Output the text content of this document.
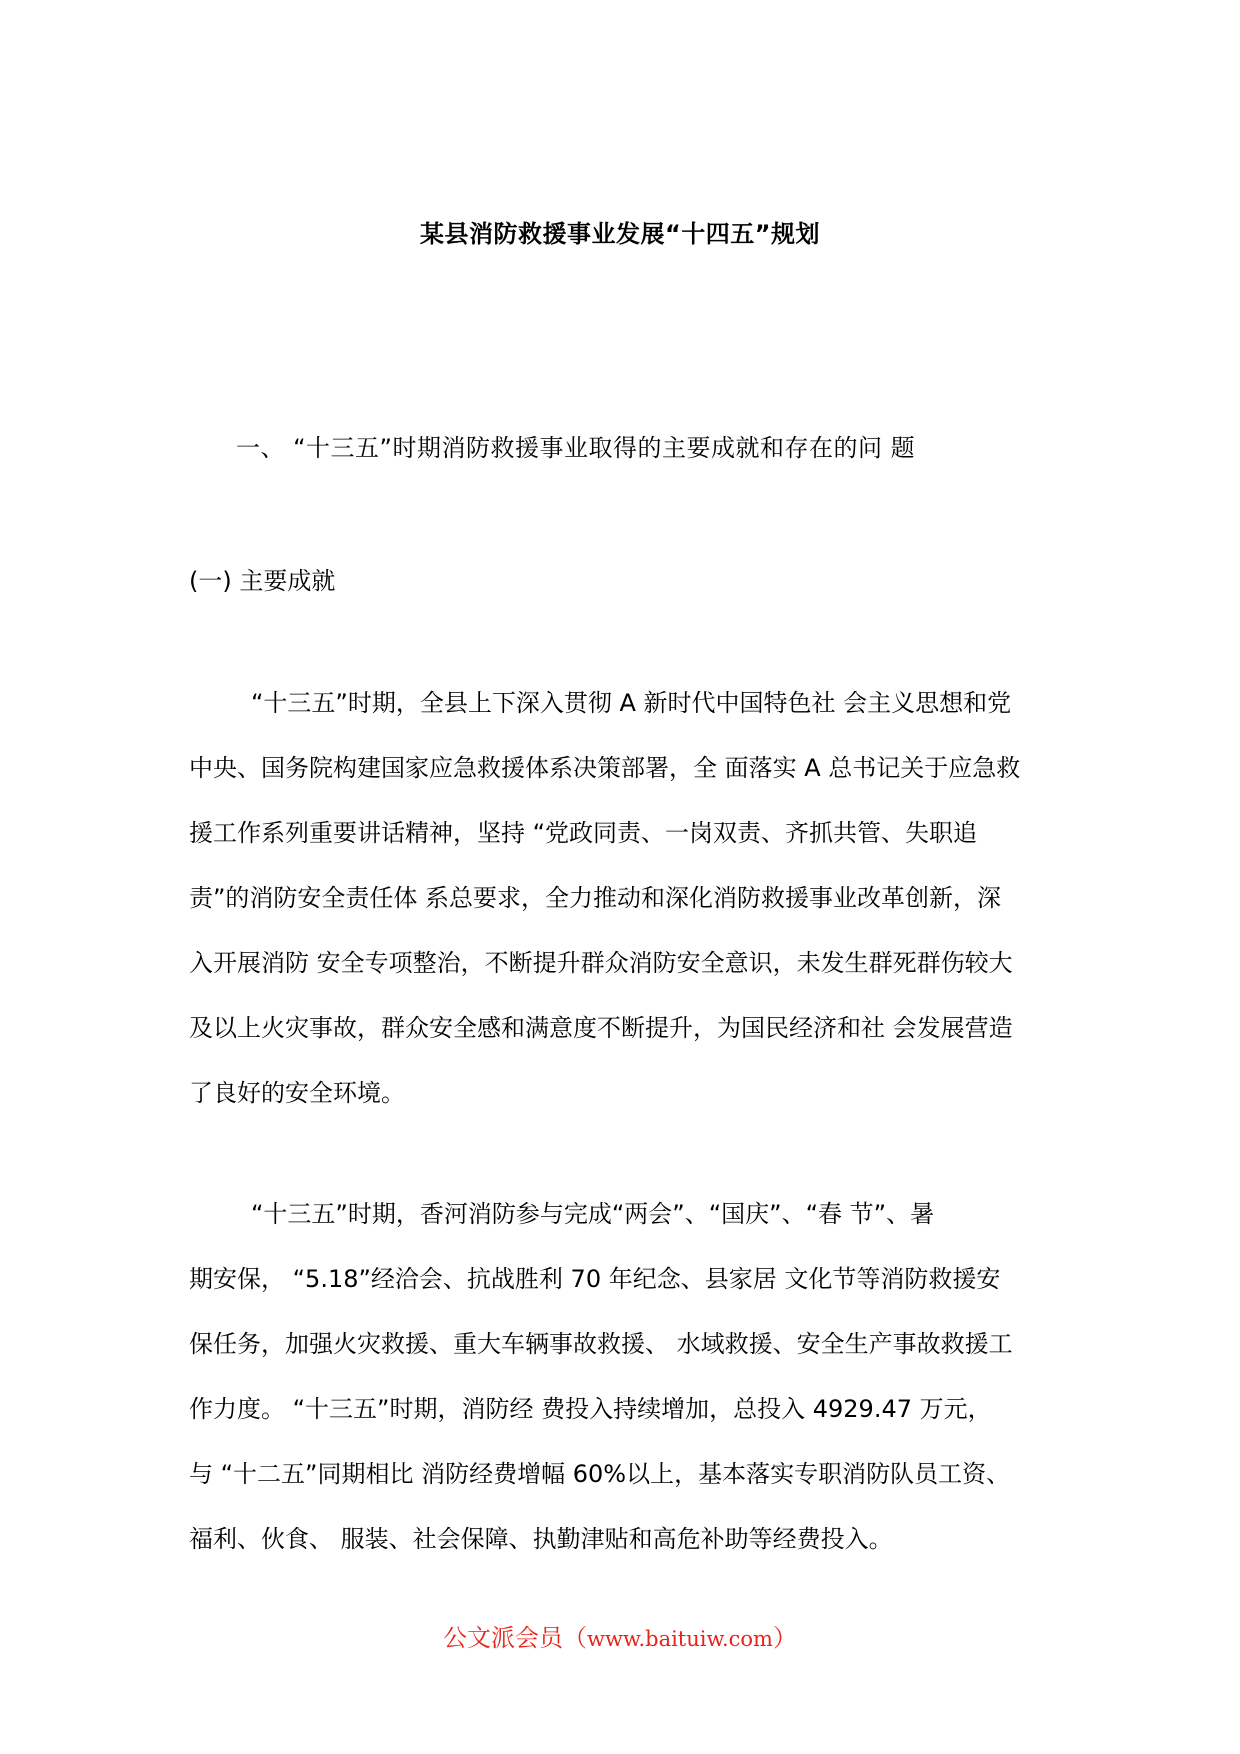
某县消防救援事业发展“十四五”规划
一、 “十三五”时期消防救援事业取得的主要成就和存在的问 题
(一) 主要成就
“十三五”时期，全县上下深入贯彻 A 新时代中国特色社 会主义思想和党
中央、国务院构建国家应急救援体系决策部署，全 面落实 A 总书记关于应急救
援工作系列重要讲话精神，坚持 “党政同责、一岗双责、齐抓共管、失职追
责”的消防安全责任体 系总要求，全力推动和深化消防救援事业改革创新，深
入开展消防 安全专项整治，不断提升群众消防安全意识，未发生群死群伤较大
及以上火灾事故，群众安全感和满意度不断提升，为国民经济和社 会发展营造
了良好的安全环境。
“十三五”时期，香河消防参与完成“两会”、“国庆”、“春 节”、暑
期安保， “5.18”经洽会、抗战胜利 70 年纪念、县家居 文化节等消防救援安
保任务，加强火灾救援、重大车辆事故救援、 水域救援、安全生产事故救援工
作力度。 “十三五”时期，消防经 费投入持续增加，总投入 4929.47 万元，
与 “十二五”同期相比 消防经费增幅 60%以上，基本落实专职消防队员工资、
福利、伙食、 服装、社会保障、执勤津贴和高危补助等经费投入。
公文派会员（www.baituiw.com）
